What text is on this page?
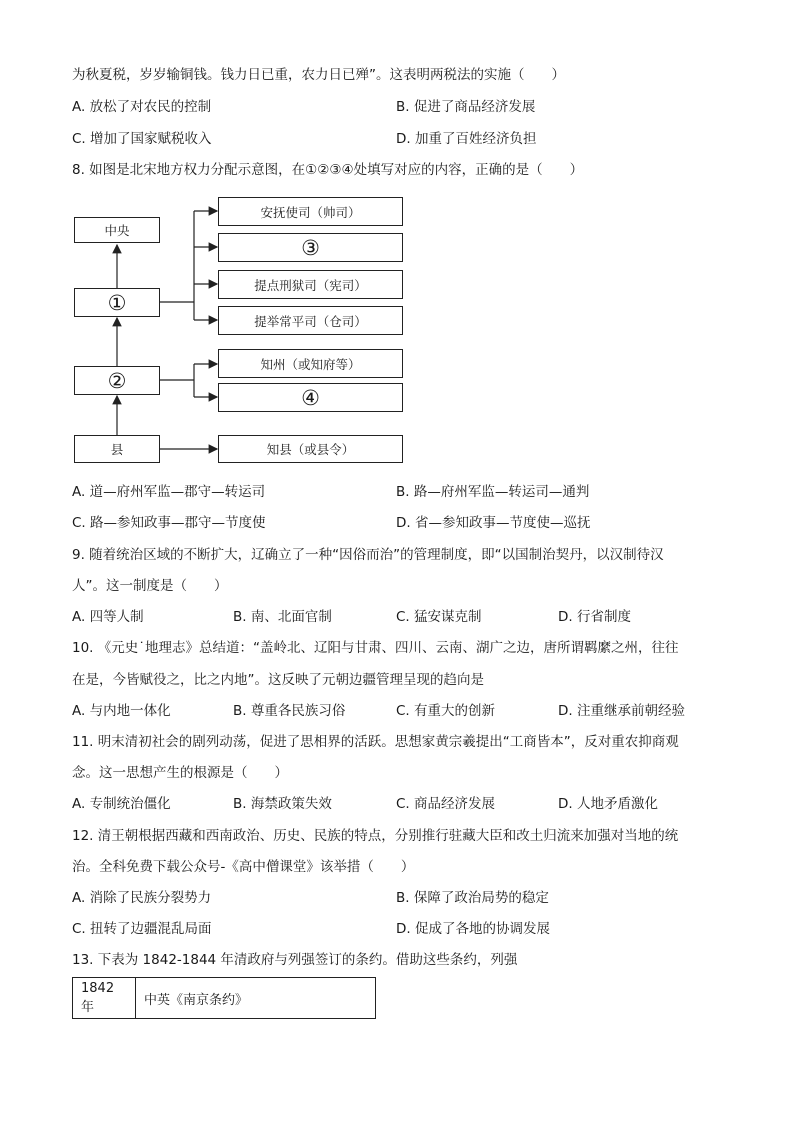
为秋夏税，岁岁输铜钱。钱力日已重，农力日已殚”。这表明两税法的实施（　　）
A. 放松了对农民的控制	B. 促进了商品经济发展
C. 增加了国家赋税收入	D. 加重了百姓经济负担
8. 如图是北宋地方权力分配示意图，在①②③④处填写对应的内容，正确的是（　　）
中央
①
②
县
安抚使司（帅司）
③
提点刑狱司（宪司）
提举常平司（仓司）
知州（或知府等）
④
知县（或县令）
A. 道—府州军监—郡守—转运司	B. 路—府州军监—转运司—通判
C. 路—参知政事—郡守—节度使	D. 省—参知政事—节度使—巡抚
9. 随着统治区域的不断扩大，辽确立了一种“因俗而治”的管理制度，即“以国制治契丹，以汉制待汉
人”。这一制度是（　　）
A. 四等人制	B. 南、北面官制	C. 猛安谋克制	D. 行省制度
10. 《元史˙地理志》总结道：“盖岭北、辽阳与甘肃、四川、云南、湖广之边，唐所谓羁縻之州，往往
在是，今皆赋役之，比之内地”。这反映了元朝边疆管理呈现的趋向是
A. 与内地一体化	B. 尊重各民族习俗	C. 有重大的创新	D. 注重继承前朝经验
11. 明末清初社会的剧列动荡，促进了思相界的活跃。思想家黄宗羲提出“工商皆本”，反对重农抑商观
念。这一思想产生的根源是（　　）
A. 专制统治僵化	B. 海禁政策失效	C. 商品经济发展	D. 人地矛盾激化
12. 清王朝根据西藏和西南政治、历史、民族的特点，分别推行驻藏大臣和改土归流来加强对当地的统
治。全科免费下载公众号-《高中僧课堂》该举措（　　）
A. 消除了民族分裂势力	B. 保障了政治局势的稳定
C. 扭转了边疆混乱局面	D. 促成了各地的协调发展
13. 下表为 1842-1844 年清政府与列强签订的条约。借助这些条约，列强
1842 年	中英《南京条约》
